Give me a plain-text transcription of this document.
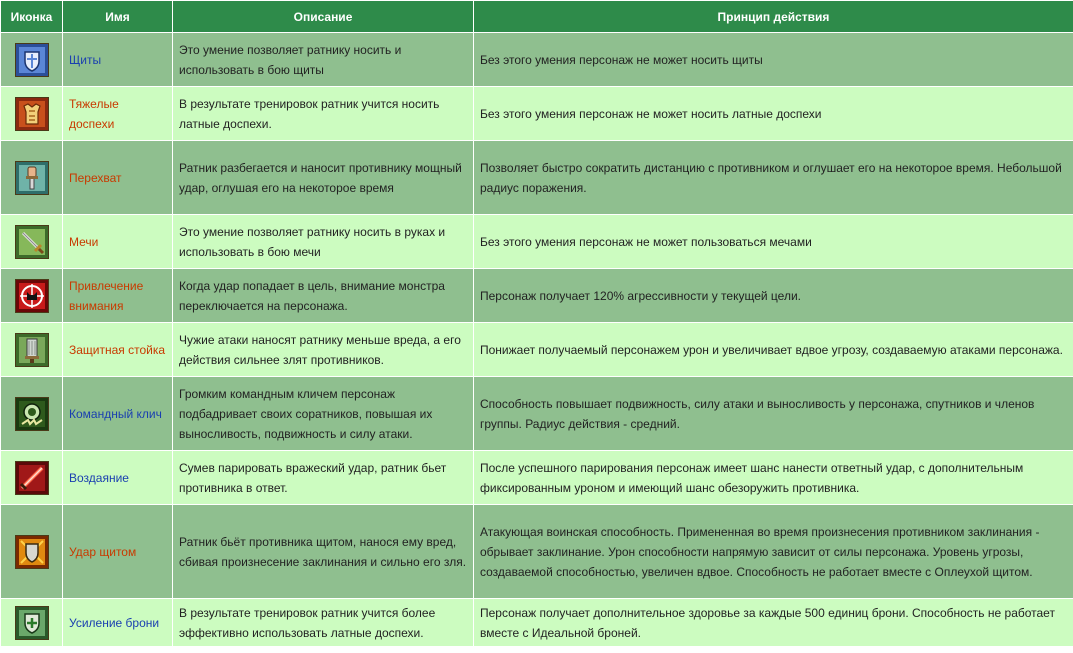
Иконка	Имя	Описание	Принцип действия

	Щиты	Это умение позволяет ратнику носить и использовать в бою щиты	Без этого умения персонаж не может носить щиты

	Тяжелые доспехи	В результате тренировок ратник учится носить латные доспехи.	Без этого умения персонаж не может носить латные доспехи

	Перехват	Ратник разбегается и наносит противнику мощный удар, оглушая его на некоторое время	Позволяет быстро сократить дистанцию с противником и оглушает его на некоторое время. Небольшой радиус поражения.

	Мечи	Это умение позволяет ратнику носить в руках и использовать в бою мечи	Без этого умения персонаж не может пользоваться мечами

	Привлечение внимания	Когда удар попадает в цель, внимание монстра переключается на персонажа.	Персонаж получает 120% агрессивности у текущей цели.

	Защитная стойка	Чужие атаки наносят ратнику меньше вреда, а его действия сильнее злят противников.	Понижает получаемый персонажем урон и увеличивает вдвое угрозу, создаваемую атаками персонажа.

	Командный клич	Громким командным кличем персонаж подбадривает своих соратников, повышая их выносливость, подвижность и силу атаки.	Способность повышает подвижность, силу атаки и выносливость у персонажа, спутников и членов группы. Радиус действия - средний.

	Воздаяние	Сумев парировать вражеский удар, ратник бьет противника в ответ.	После успешного парирования персонаж имеет шанс нанести ответный удар, с дополнительным фиксированным уроном и имеющий шанс обезоружить противника.

	Удар щитом	Ратник бьёт противника щитом, нанося ему вред, сбивая произнесение заклинания и сильно его зля.	Атакующая воинская способность. Примененная во время произнесения противником заклинания - обрывает заклинание. Урон способности напрямую зависит от силы персонажа. Уровень угрозы, создаваемой способностью, увеличен вдвое. Способность не работает вместе с Оплеухой щитом.

	Усиление брони	В результате тренировок ратник учится более эффективно использовать латные доспехи.	Персонаж получает дополнительное здоровье за каждые 500 единиц брони. Способность не работает вместе с Идеальной броней.
